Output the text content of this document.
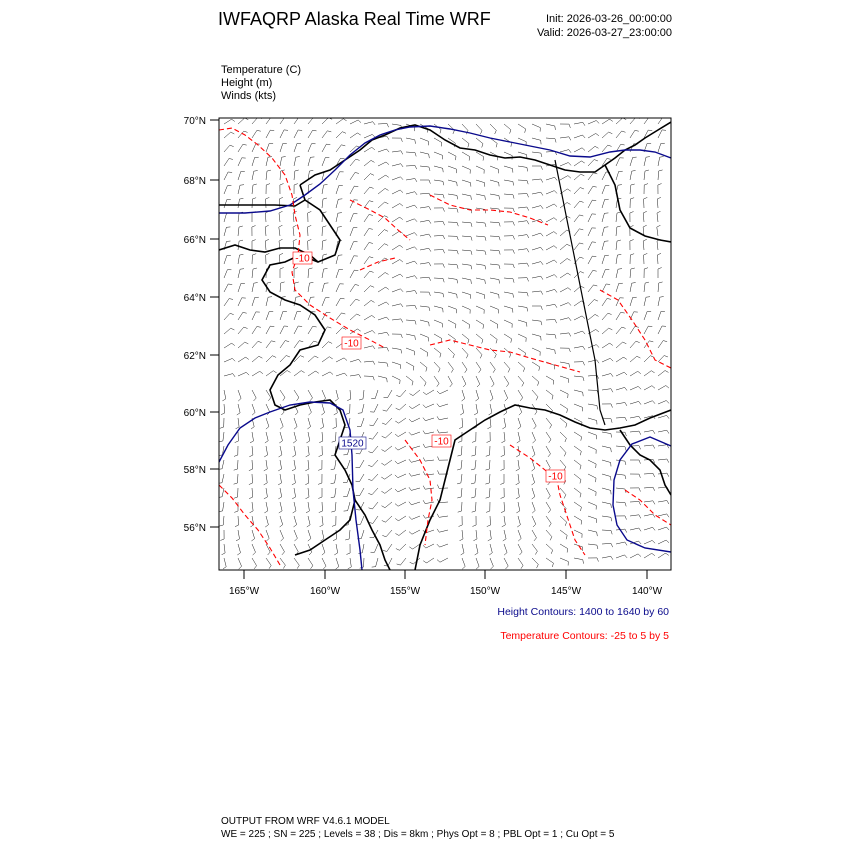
IWFAQRP Alaska Real Time WRF	Init: 2026-03-26_00:00:00
Valid: 2026-03-27_23:00:00
Temperature (C)
Height (m)
Winds (kts)
1520
-10
-10
-10
-10
70°N
68°N
66°N
64°N
62°N
60°N
58°N
56°N
165°W	160°W	155°W	150°W	145°W	140°W
Height Contours: 1400 to 1640 by 60
Temperature Contours: -25 to 5 by 5
OUTPUT FROM WRF V4.6.1 MODEL
WE = 225 ; SN = 225 ; Levels = 38 ; Dis = 8km ; Phys Opt = 8 ; PBL Opt = 1 ; Cu Opt = 5
